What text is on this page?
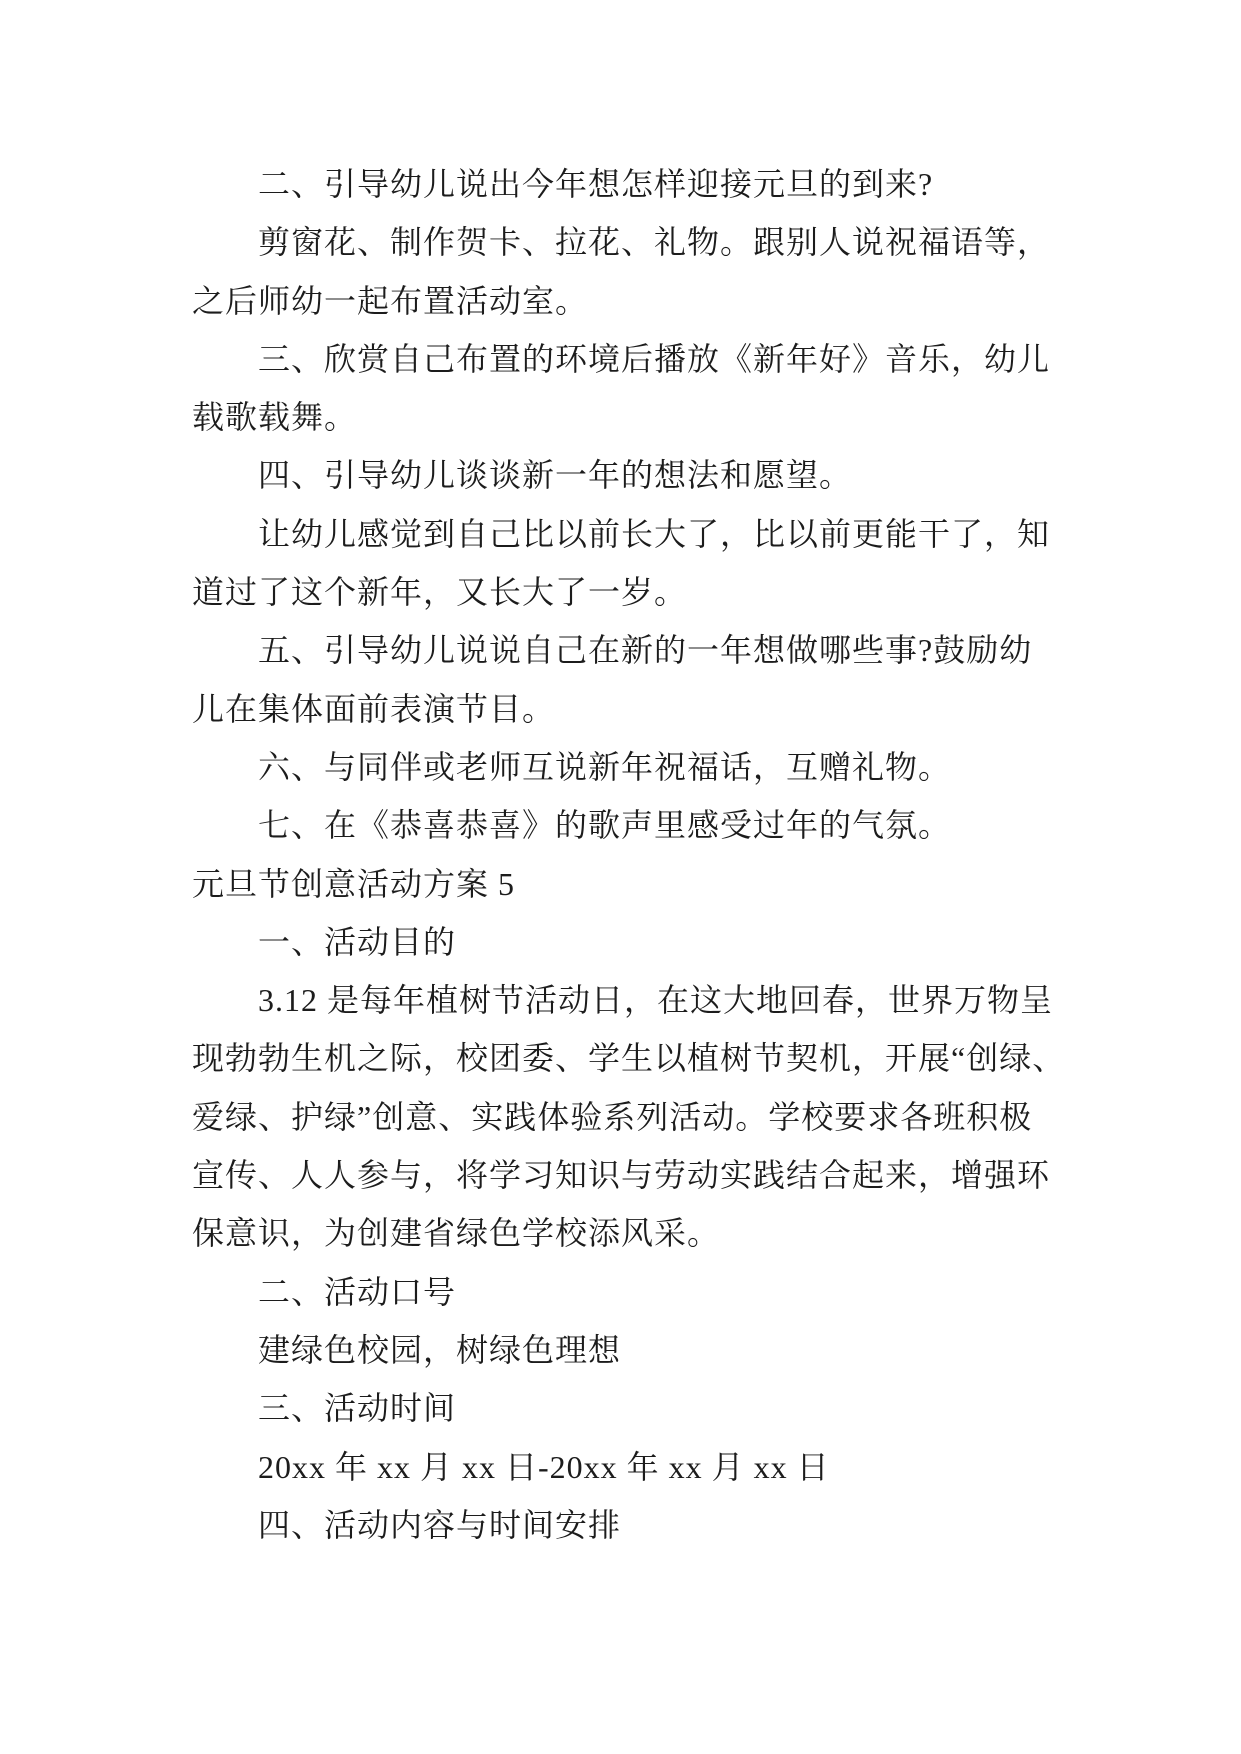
二、引导幼儿说出今年想怎样迎接元旦的到来?
剪窗花、制作贺卡、拉花、礼物。跟别人说祝福语等，
之后师幼一起布置活动室。
三、欣赏自己布置的环境后播放《新年好》音乐，幼儿
载歌载舞。
四、引导幼儿谈谈新一年的想法和愿望。
让幼儿感觉到自己比以前长大了，比以前更能干了，知
道过了这个新年，又长大了一岁。
五、引导幼儿说说自己在新的一年想做哪些事?鼓励幼
儿在集体面前表演节目。
六、与同伴或老师互说新年祝福话，互赠礼物。
七、在《恭喜恭喜》的歌声里感受过年的气氛。
元旦节创意活动方案 5
一、活动目的
3.12 是每年植树节活动日，在这大地回春，世界万物呈
现勃勃生机之际，校团委、学生以植树节契机，开展“创绿、
爱绿、护绿”创意、实践体验系列活动。学校要求各班积极
宣传、人人参与，将学习知识与劳动实践结合起来，增强环
保意识，为创建省绿色学校添风采。
二、活动口号
建绿色校园，树绿色理想
三、活动时间
20xx 年 xx 月 xx 日-20xx 年 xx 月 xx 日
四、活动内容与时间安排
